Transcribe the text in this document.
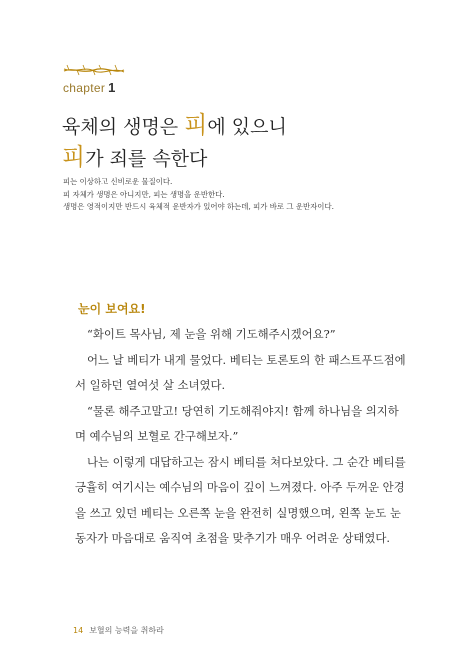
chapter 1
육체의 생명은 피에 있으니
피가 죄를 속한다
피는 이상하고 신비로운 물질이다.
피 자체가 생명은 아니지만, 피는 생명을 운반한다.
생명은 영적이지만 반드시 육체적 운반자가 있어야 하는데, 피가 바로 그 운반자이다.
눈이 보여요!

“화이트 목사님, 제 눈을 위해 기도해주시겠어요?”

어느 날 베티가 내게 물었다. 베티는 토론토의 한 패스트푸드점에서 일하던 열여섯 살 소녀였다.

“물론 해주고말고! 당연히 기도해줘야지! 함께 하나님을 의지하며 예수님의 보혈로 간구해보자.”

나는 이렇게 대답하고는 잠시 베티를 쳐다보았다. 그 순간 베티를 긍휼히 여기시는 예수님의 마음이 깊이 느껴졌다. 아주 두꺼운 안경을 쓰고 있던 베티는 오른쪽 눈을 완전히 실명했으며, 왼쪽 눈도 눈동자가 마음대로 움직여 초점을 맞추기가 매우 어려운 상태였다.

14 보혈의 능력을 취하라
